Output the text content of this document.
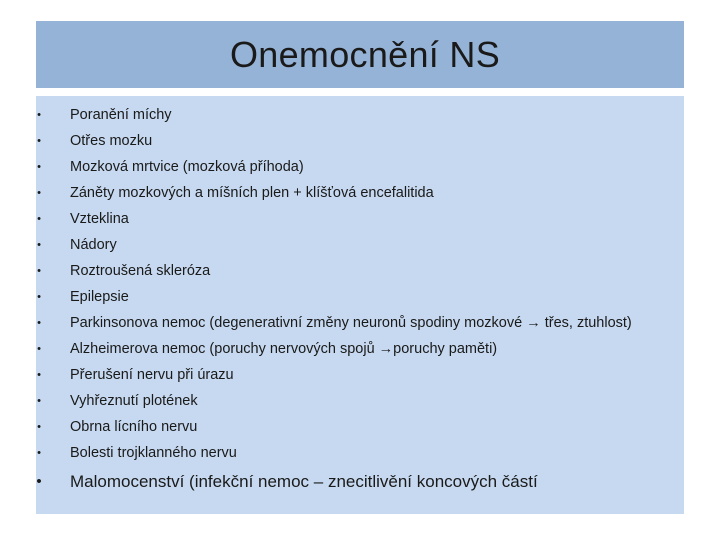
Onemocnění NS
•	Poranění míchy
•	Otřes mozku
•	Mozková mrtvice (mozková příhoda)
•	Záněty mozkových a míšních plen + klíšťová encefalitida
•	Vzteklina
•	Nádory
•	Roztroušená skleróza
•	Epilepsie
•	Parkinsonova nemoc (degenerativní změny neuronů spodiny mozkové → třes, ztuhlost)
•	Alzheimerova nemoc (poruchy nervových spojů →poruchy paměti)
•	Přerušení nervu při úrazu
•	Vyhřeznutí plotének
•	Obrna lícního nervu
•	Bolesti trojklanného nervu
• Malomocenství (infekční nemoc – znecitlivění koncových částí
